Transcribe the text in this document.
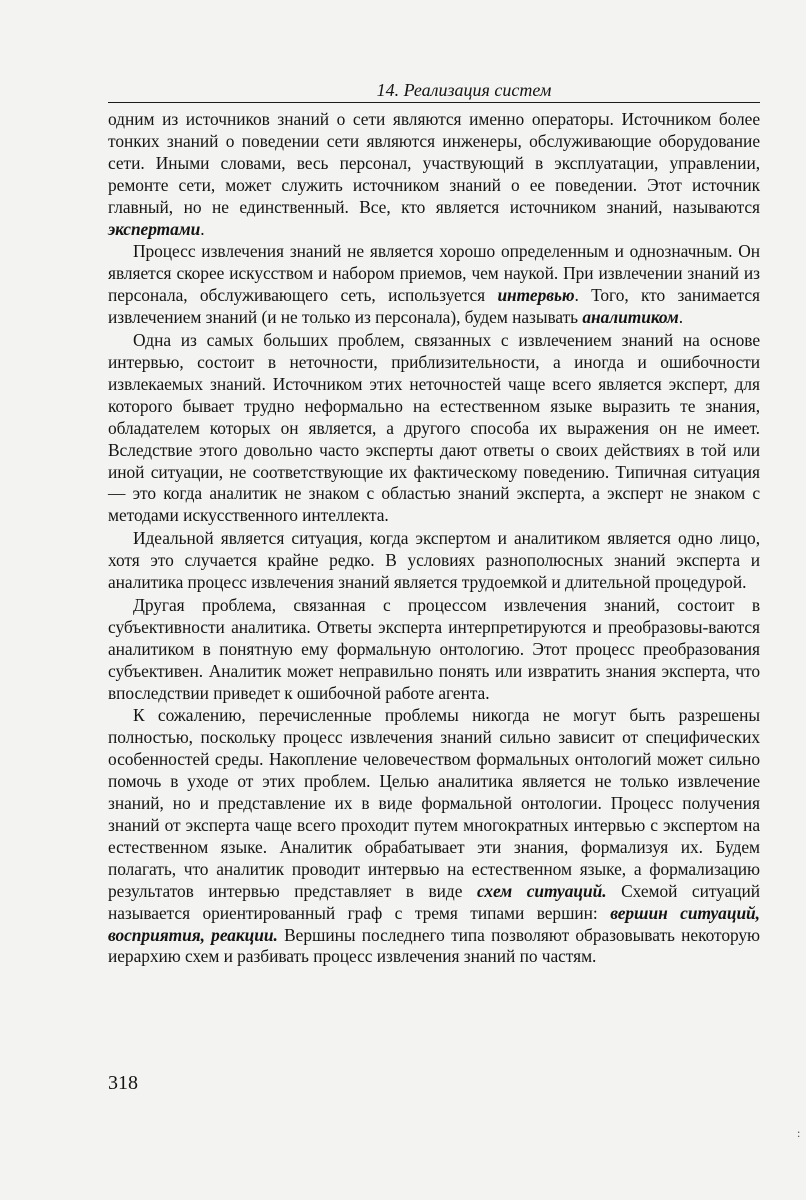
14. Реализация систем

одним из источников знаний о сети являются именно операторы. Источником более тонких знаний о поведении сети являются инженеры, обслуживающие оборудование сети. Иными словами, весь персонал, участвующий в эксплуатации, управлении, ремонте сети, может служить источником знаний о ее поведении. Этот источник главный, но не единственный. Все, кто является источником знаний, называются экспертами.

Процесс извлечения знаний не является хорошо определенным и однозначным. Он является скорее искусством и набором приемов, чем наукой. При извлечении знаний из персонала, обслуживающего сеть, используется интервью. Того, кто занимается извлечением знаний (и не только из персонала), будем называть аналитиком.

Одна из самых больших проблем, связанных с извлечением знаний на основе интервью, состоит в неточности, приблизительности, а иногда и ошибочности извлекаемых знаний. Источником этих неточностей чаще всего является эксперт, для которого бывает трудно неформально на естественном языке выразить те знания, обладателем которых он является, а другого способа их выражения он не имеет. Вследствие этого довольно часто эксперты дают ответы о своих действиях в той или иной ситуации, не соответствующие их фактическому поведению. Типичная ситуация — это когда аналитик не знаком с областью знаний эксперта, а эксперт не знаком с методами искусственного интеллекта.

Идеальной является ситуация, когда экспертом и аналитиком является одно лицо, хотя это случается крайне редко. В условиях разнополюсных знаний эксперта и аналитика процесс извлечения знаний является трудоемкой и длительной процедурой.

Другая проблема, связанная с процессом извлечения знаний, состоит в субъективности аналитика. Ответы эксперта интерпретируются и преобразовы-ваются аналитиком в понятную ему формальную онтологию. Этот процесс преобразования субъективен. Аналитик может неправильно понять или извратить знания эксперта, что впоследствии приведет к ошибочной работе агента.

К сожалению, перечисленные проблемы никогда не могут быть разрешены полностью, поскольку процесс извлечения знаний сильно зависит от специфических особенностей среды. Накопление человечеством формальных онтологий может сильно помочь в уходе от этих проблем. Целью аналитика является не только извлечение знаний, но и представление их в виде формальной онтологии. Процесс получения знаний от эксперта чаще всего проходит путем многократных интервью с экспертом на естественном языке. Аналитик обрабатывает эти знания, формализуя их. Будем полагать, что аналитик проводит интервью на естественном языке, а формализацию результатов интервью представляет в виде схем ситуаций. Схемой ситуаций называется ориентированный граф с тремя типами вершин: вершин ситуаций, восприятия, реакции. Вершины последнего типа позволяют образовывать некоторую иерархию схем и разбивать процесс извлечения знаний по частям.

318
:
